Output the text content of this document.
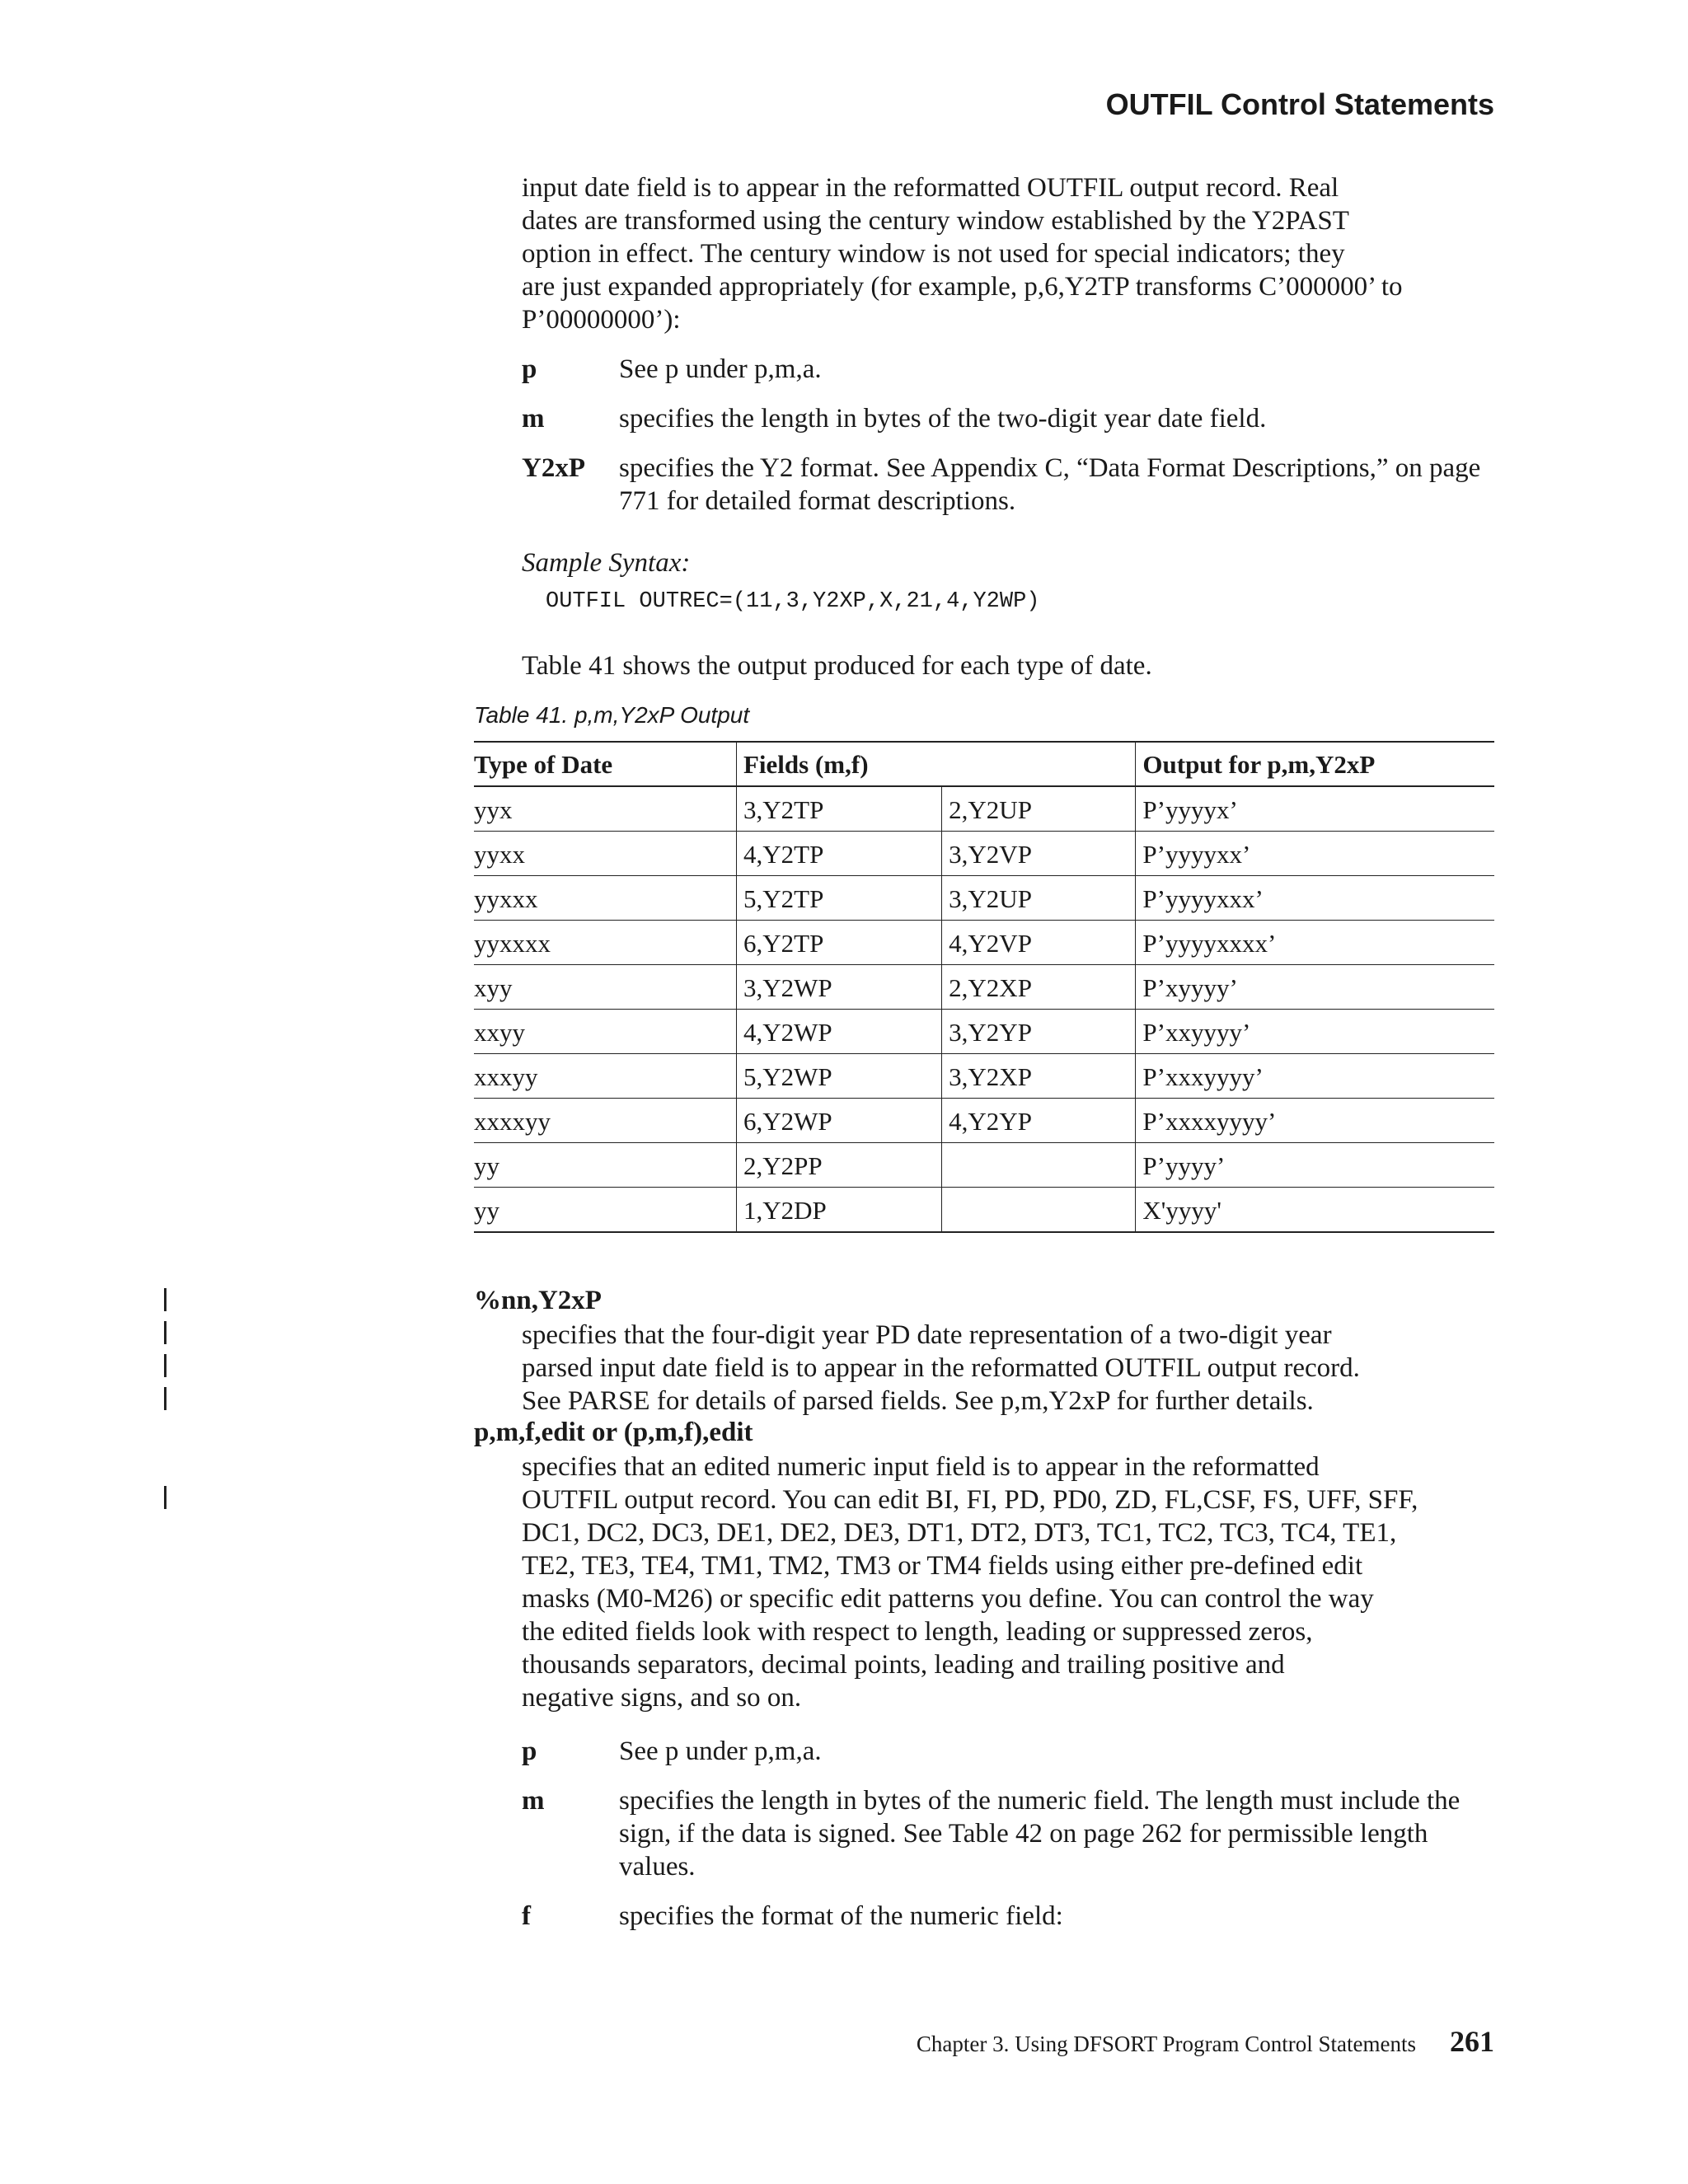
OUTFIL Control Statements

input date field is to appear in the reformatted OUTFIL output record. Real

dates are transformed using the century window established by the Y2PAST

option in effect. The century window is not used for special indicators; they

are just expanded appropriately (for example, p,6,Y2TP transforms C’000000’ to

P’00000000’):

p	See p under p,m,a.
m	specifies the length in bytes of the two-digit year date field.
Y2xP	specifies the Y2 format. See Appendix C, “Data Format Descriptions,” on page 771 for detailed format descriptions.
Sample Syntax:
OUTFIL OUTREC=(11,3,Y2XP,X,21,4,Y2WP)
Table 41 shows the output produced for each type of date.
Table 41. p,m,Y2xP Output
Type of Date	Fields (m,f)		Output for p,m,Y2xP
yyx	3,Y2TP	2,Y2UP	P’yyyyx’
yyxx	4,Y2TP	3,Y2VP	P’yyyyxx’
yyxxx	5,Y2TP	3,Y2UP	P’yyyyxxx’
yyxxxx	6,Y2TP	4,Y2VP	P’yyyyxxxx’
xyy	3,Y2WP	2,Y2XP	P’xyyyy’
xxyy	4,Y2WP	3,Y2YP	P’xxyyyy’
xxxyy	5,Y2WP	3,Y2XP	P’xxxyyyy’
xxxxyy	6,Y2WP	4,Y2YP	P’xxxxyyyy’
yy	2,Y2PP		P’yyyy’
yy	1,Y2DP		X'yyyy'
%nn,Y2xP

specifies that the four-digit year PD date representation of a two-digit year

parsed input date field is to appear in the reformatted OUTFIL output record.

See PARSE for details of parsed fields. See p,m,Y2xP for further details.

p,m,f,edit or (p,m,f),edit

specifies that an edited numeric input field is to appear in the reformatted

OUTFIL output record. You can edit BI, FI, PD, PD0, ZD, FL,CSF, FS, UFF, SFF,

DC1, DC2, DC3, DE1, DE2, DE3, DT1, DT2, DT3, TC1, TC2, TC3, TC4, TE1,

TE2, TE3, TE4, TM1, TM2, TM3 or TM4 fields using either pre-defined edit

masks (M0-M26) or specific edit patterns you define. You can control the way

the edited fields look with respect to length, leading or suppressed zeros,

thousands separators, decimal points, leading and trailing positive and

negative signs, and so on.

p	See p under p,m,a.
m	specifies the length in bytes of the numeric field. The length must include the sign, if the data is signed. See Table 42 on page 262 for permissible length values.
f	specifies the format of the numeric field:
Chapter 3. Using DFSORT Program Control Statements 261
